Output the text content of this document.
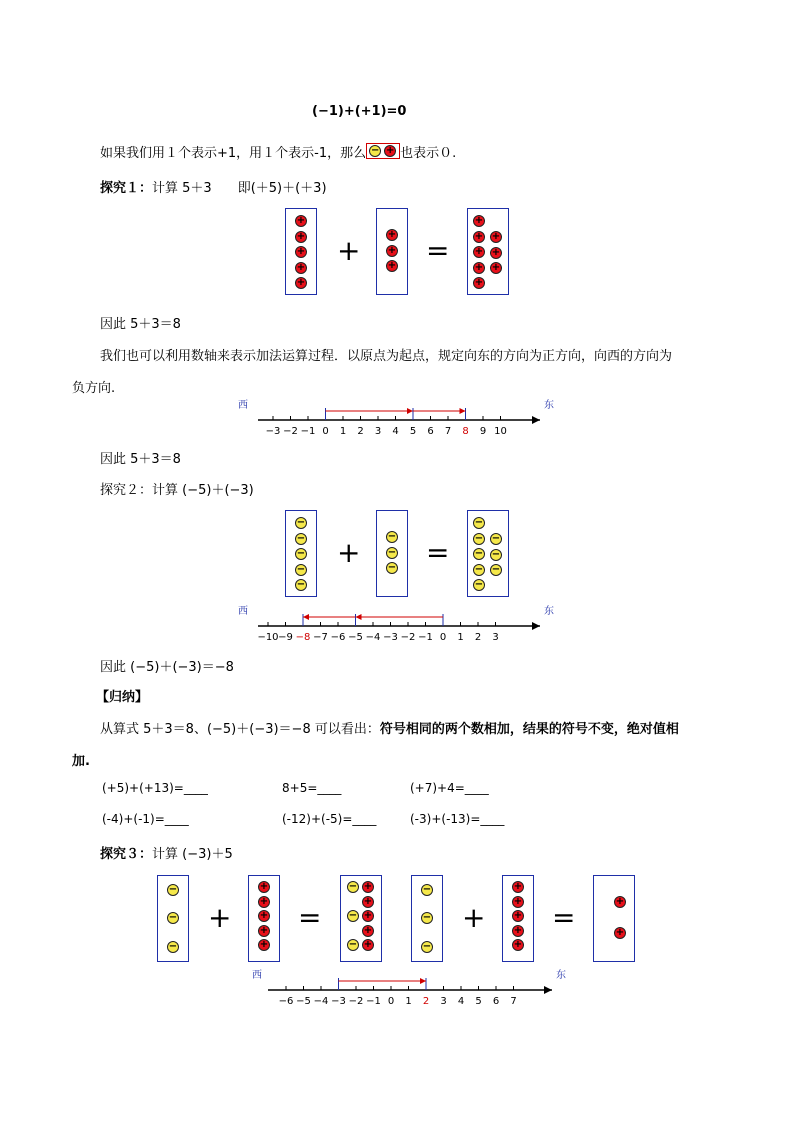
(−1)+(+1)=0
如果我们用１个表示+1，用１个表示-1，那么 − + 也表示０.
探究１：计算 5＋3　　即(＋5)＋(＋3)
+
+
+
+
+
+	+
+
+ =
+
+
+
+
+
+
+
+
因此 5＋3＝8
我们也可以利用数轴来表示加法运算过程．以原点为起点，规定向东的方向为正方向，向西的方向为
负方向.
西	东
−3 −2 −1 0 1 2 3 4 5 6 7 8 9 10
因此 5＋3＝8
探究２：计算 (−5)＋(−3)
−
−
−
−
−
+	−
−
− =
−
−
−
−
−
−
−
−
西	东
−10 −9 −8 −7 −6 −5 −4 −3 −2 −1 0 1 2 3
因此 (−5)＋(−3)＝−8
【归纳】
从算式 5＋3＝8、(−5)＋(−3)＝−8 可以看出：符号相同的两个数相加，结果的符号不变，绝对值相
加.
(+5)+(+13)=____	8+5=____	(+7)+4=____
(-4)+(-1)=____	(-12)+(-5)=____	(-3)+(-13)=____
探究３：计算 (−3)＋5
−
−
−
+
+
+
+
+
+
=
− +
+
− +
+
− +
−
−
−
+
+
+
+
+
+
=	+
+
西	东
−6 −5 −4 −3 −2 −1 0 1 2 3 4 5 6 7
